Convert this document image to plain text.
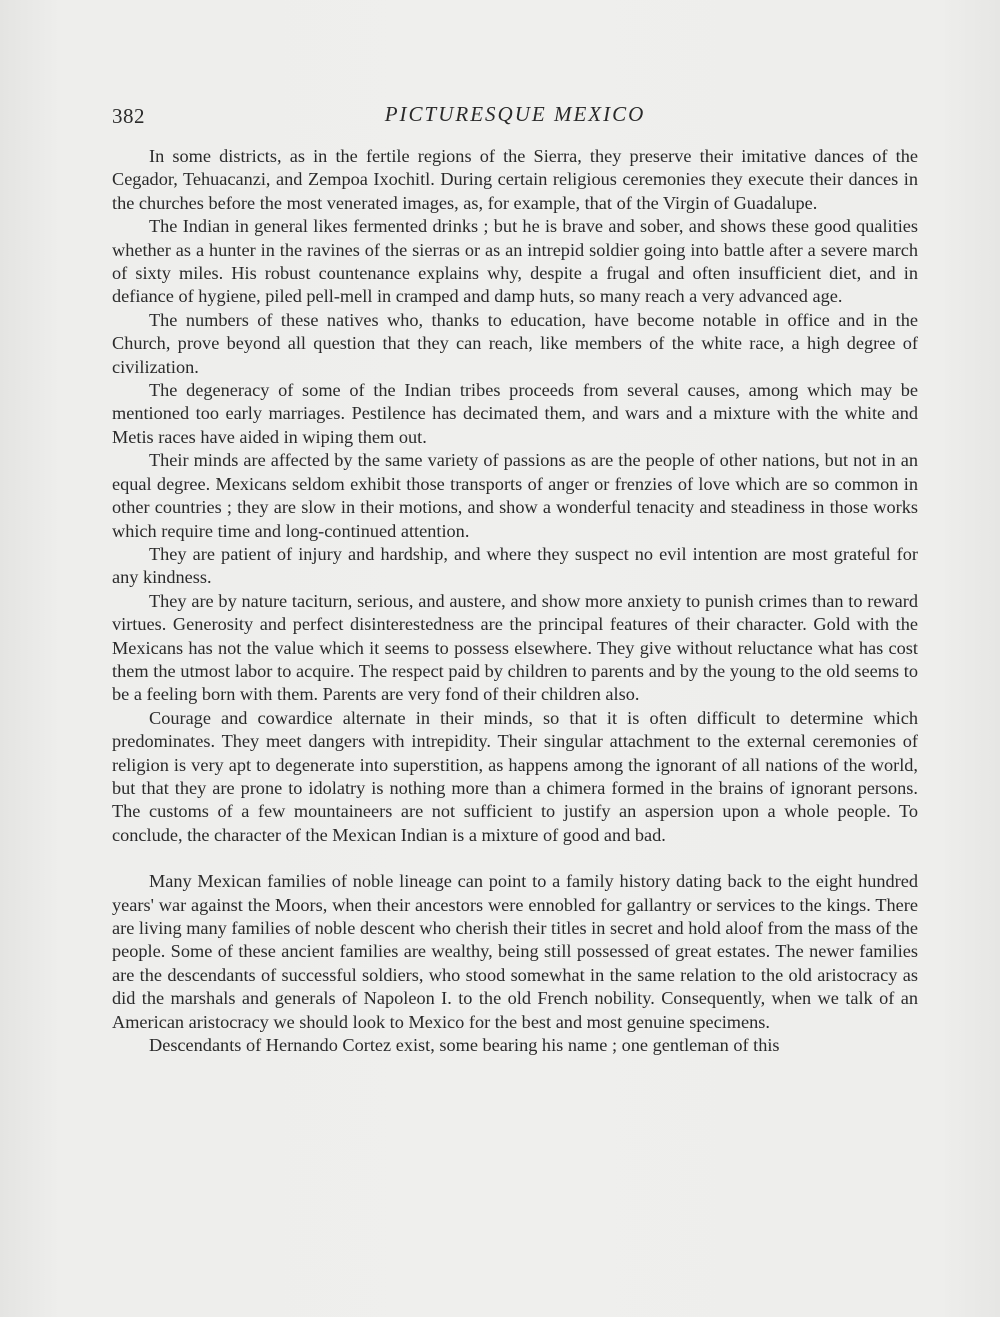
382	PICTURESQUE MEXICO

In some districts, as in the fertile regions of the Sierra, they preserve their imitative dances of the Cegador, Tehuacanzi, and Zempoa Ixochitl. During certain religious ceremonies they execute their dances in the churches before the most venerated images, as, for example, that of the Virgin of Guadalupe.

The Indian in general likes fermented drinks ; but he is brave and sober, and shows these good qualities whether as a hunter in the ravines of the sierras or as an intrepid soldier going into battle after a severe march of sixty miles. His robust countenance explains why, despite a frugal and often insufficient diet, and in defiance of hygiene, piled pell-mell in cramped and damp huts, so many reach a very advanced age.

The numbers of these natives who, thanks to education, have become notable in office and in the Church, prove beyond all question that they can reach, like members of the white race, a high degree of civilization.

The degeneracy of some of the Indian tribes proceeds from several causes, among which may be mentioned too early marriages. Pestilence has decimated them, and wars and a mixture with the white and Metis races have aided in wiping them out.

Their minds are affected by the same variety of passions as are the people of other nations, but not in an equal degree. Mexicans seldom exhibit those transports of anger or frenzies of love which are so common in other countries ; they are slow in their motions, and show a wonderful tenacity and steadiness in those works which require time and long-continued attention.

They are patient of injury and hardship, and where they suspect no evil intention are most grateful for any kindness.

They are by nature taciturn, serious, and austere, and show more anxiety to punish crimes than to reward virtues. Generosity and perfect disinterestedness are the principal features of their character. Gold with the Mexicans has not the value which it seems to possess elsewhere. They give without reluctance what has cost them the utmost labor to acquire. The respect paid by children to parents and by the young to the old seems to be a feeling born with them. Parents are very fond of their children also.

Courage and cowardice alternate in their minds, so that it is often difficult to determine which predominates. They meet dangers with intrepidity. Their singular attachment to the external ceremonies of religion is very apt to degenerate into superstition, as happens among the ignorant of all nations of the world, but that they are prone to idolatry is nothing more than a chimera formed in the brains of ignorant persons. The customs of a few mountaineers are not sufficient to justify an aspersion upon a whole people. To conclude, the character of the Mexican Indian is a mixture of good and bad.

Many Mexican families of noble lineage can point to a family history dating back to the eight hundred years' war against the Moors, when their ancestors were ennobled for gallantry or services to the kings. There are living many families of noble descent who cherish their titles in secret and hold aloof from the mass of the people. Some of these ancient families are wealthy, being still possessed of great estates. The newer families are the descendants of successful soldiers, who stood somewhat in the same relation to the old aristocracy as did the marshals and generals of Napoleon I. to the old French nobility. Consequently, when we talk of an American aristocracy we should look to Mexico for the best and most genuine specimens.

Descendants of Hernando Cortez exist, some bearing his name ; one gentleman of this
